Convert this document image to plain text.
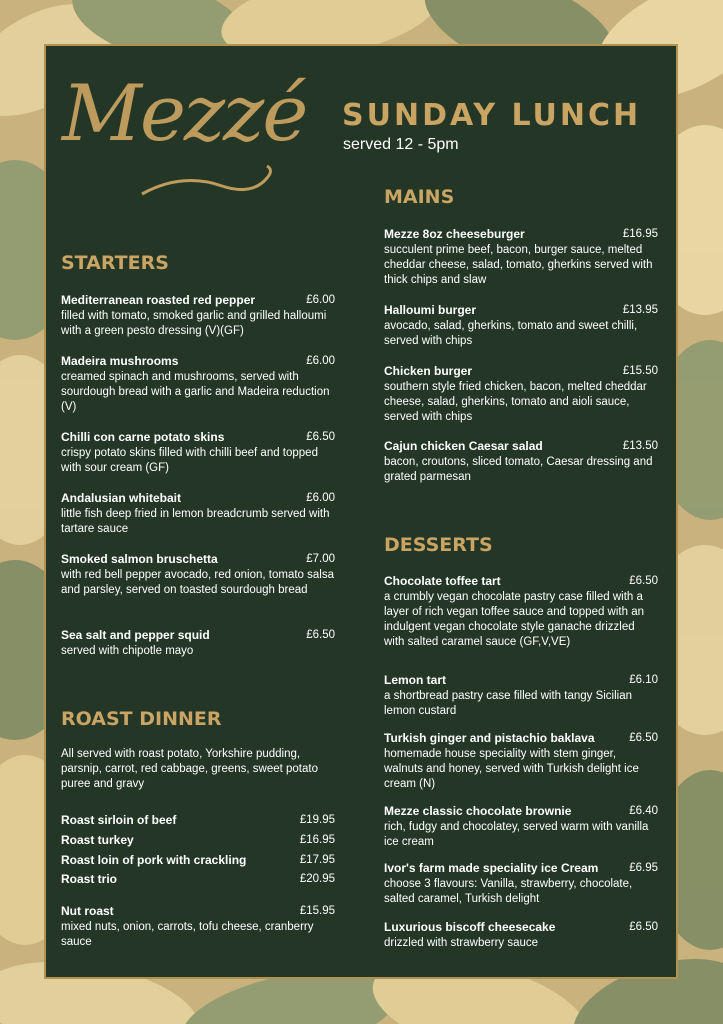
Mezzé SUNDAY LUNCH
served 12 - 5pm
STARTERS
Mediterranean roasted red pepper	£6.00
filled with tomato, smoked garlic and grilled halloumi with a green pesto dressing (V)(GF)
Madeira mushrooms	£6.00
creamed spinach and mushrooms, served with sourdough bread with a garlic and Madeira reduction (V)
Chilli con carne potato skins	£6.50
crispy potato skins filled with chilli beef and topped with sour cream (GF)
Andalusian whitebait	£6.00
little fish deep fried in lemon breadcrumb served with tartare sauce
Smoked salmon bruschetta	£7.00
with red bell pepper avocado, red onion, tomato salsa and parsley, served on toasted sourdough bread
Sea salt and pepper squid	£6.50
served with chipotle mayo
ROAST DINNER
All served with roast potato, Yorkshire pudding, parsnip, carrot, red cabbage, greens, sweet potato puree and gravy
Roast sirloin of beef	£19.95
Roast turkey	£16.95
Roast loin of pork with crackling	£17.95
Roast trio	£20.95
Nut roast	£15.95
mixed nuts, onion, carrots, tofu cheese, cranberry sauce
MAINS
Mezze 8oz cheeseburger	£16.95
succulent prime beef, bacon, burger sauce, melted cheddar cheese, salad, tomato, gherkins served with thick chips and slaw
Halloumi burger	£13.95
avocado, salad, gherkins, tomato and sweet chilli, served with chips
Chicken burger	£15.50
southern style fried chicken, bacon, melted cheddar cheese, salad, gherkins, tomato and aioli sauce, served with chips
Cajun chicken Caesar salad	£13.50
bacon, croutons, sliced tomato, Caesar dressing and grated parmesan
DESSERTS
Chocolate toffee tart	£6.50
a crumbly vegan chocolate pastry case filled with a layer of rich vegan toffee sauce and topped with an indulgent vegan chocolate style ganache drizzled with salted caramel sauce (GF,V,VE)
Lemon tart	£6.10
a shortbread pastry case filled with tangy Sicilian lemon custard
Turkish ginger and pistachio baklava	£6.50
homemade house speciality with stem ginger, walnuts and honey, served with Turkish delight ice cream (N)
Mezze classic chocolate brownie	£6.40
rich, fudgy and chocolatey, served warm with vanilla ice cream
Ivor's farm made speciality ice Cream	£6.95
choose 3 flavours: Vanilla, strawberry, chocolate, salted caramel, Turkish delight
Luxurious biscoff cheesecake	£6.50
drizzled with strawberry sauce
